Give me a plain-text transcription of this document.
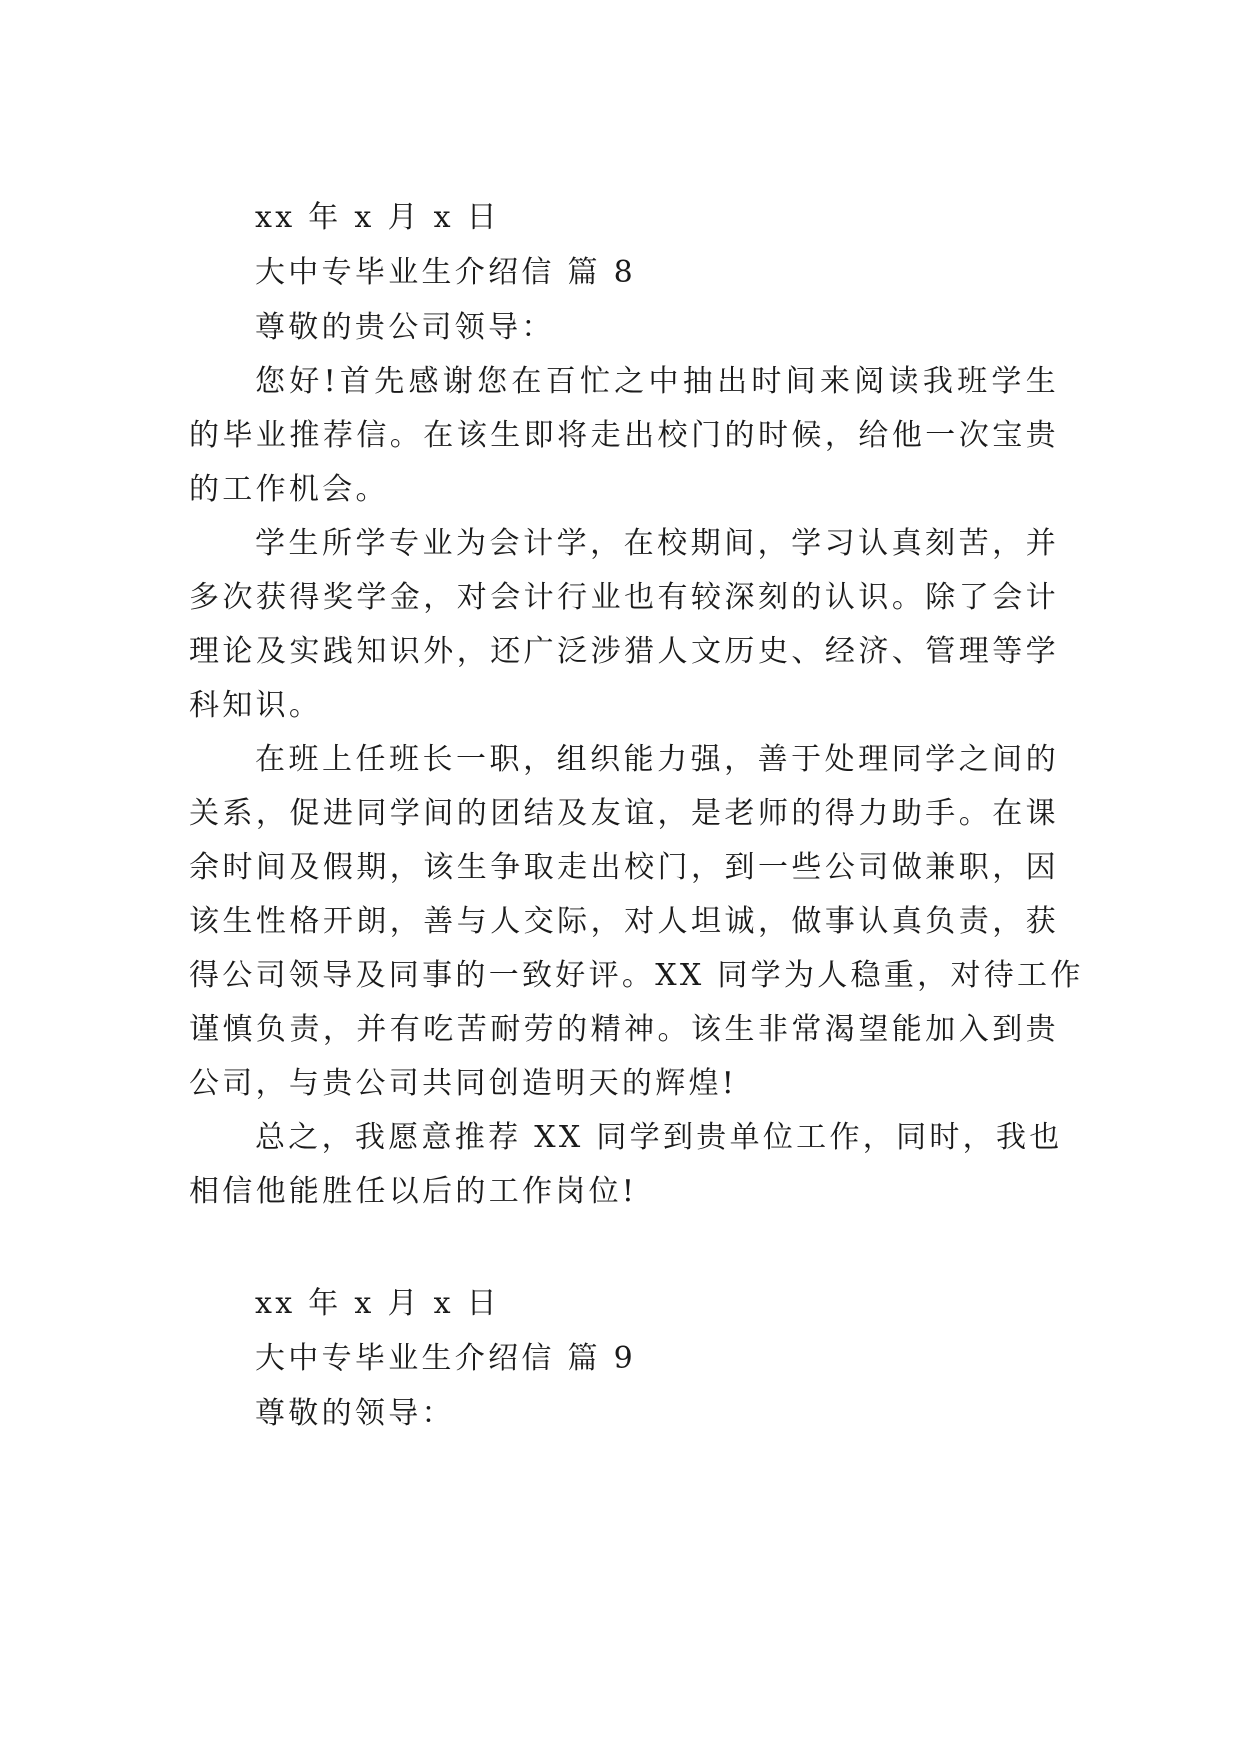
xx 年 x 月 x 日
大中专毕业生介绍信 篇 8
尊敬的贵公司领导：
您好!首先感谢您在百忙之中抽出时间来阅读我班学生
的毕业推荐信。在该生即将走出校门的时候，给他一次宝贵
的工作机会。
学生所学专业为会计学，在校期间，学习认真刻苦，并
多次获得奖学金，对会计行业也有较深刻的认识。除了会计
理论及实践知识外，还广泛涉猎人文历史、经济、管理等学
科知识。
在班上任班长一职，组织能力强，善于处理同学之间的
关系，促进同学间的团结及友谊，是老师的得力助手。在课
余时间及假期，该生争取走出校门，到一些公司做兼职，因
该生性格开朗，善与人交际，对人坦诚，做事认真负责，获
得公司领导及同事的一致好评。XX 同学为人稳重，对待工作
谨慎负责，并有吃苦耐劳的精神。该生非常渴望能加入到贵
公司，与贵公司共同创造明天的辉煌!
总之，我愿意推荐 XX 同学到贵单位工作，同时，我也
相信他能胜任以后的工作岗位!
xx 年 x 月 x 日
大中专毕业生介绍信 篇 9
尊敬的领导：
